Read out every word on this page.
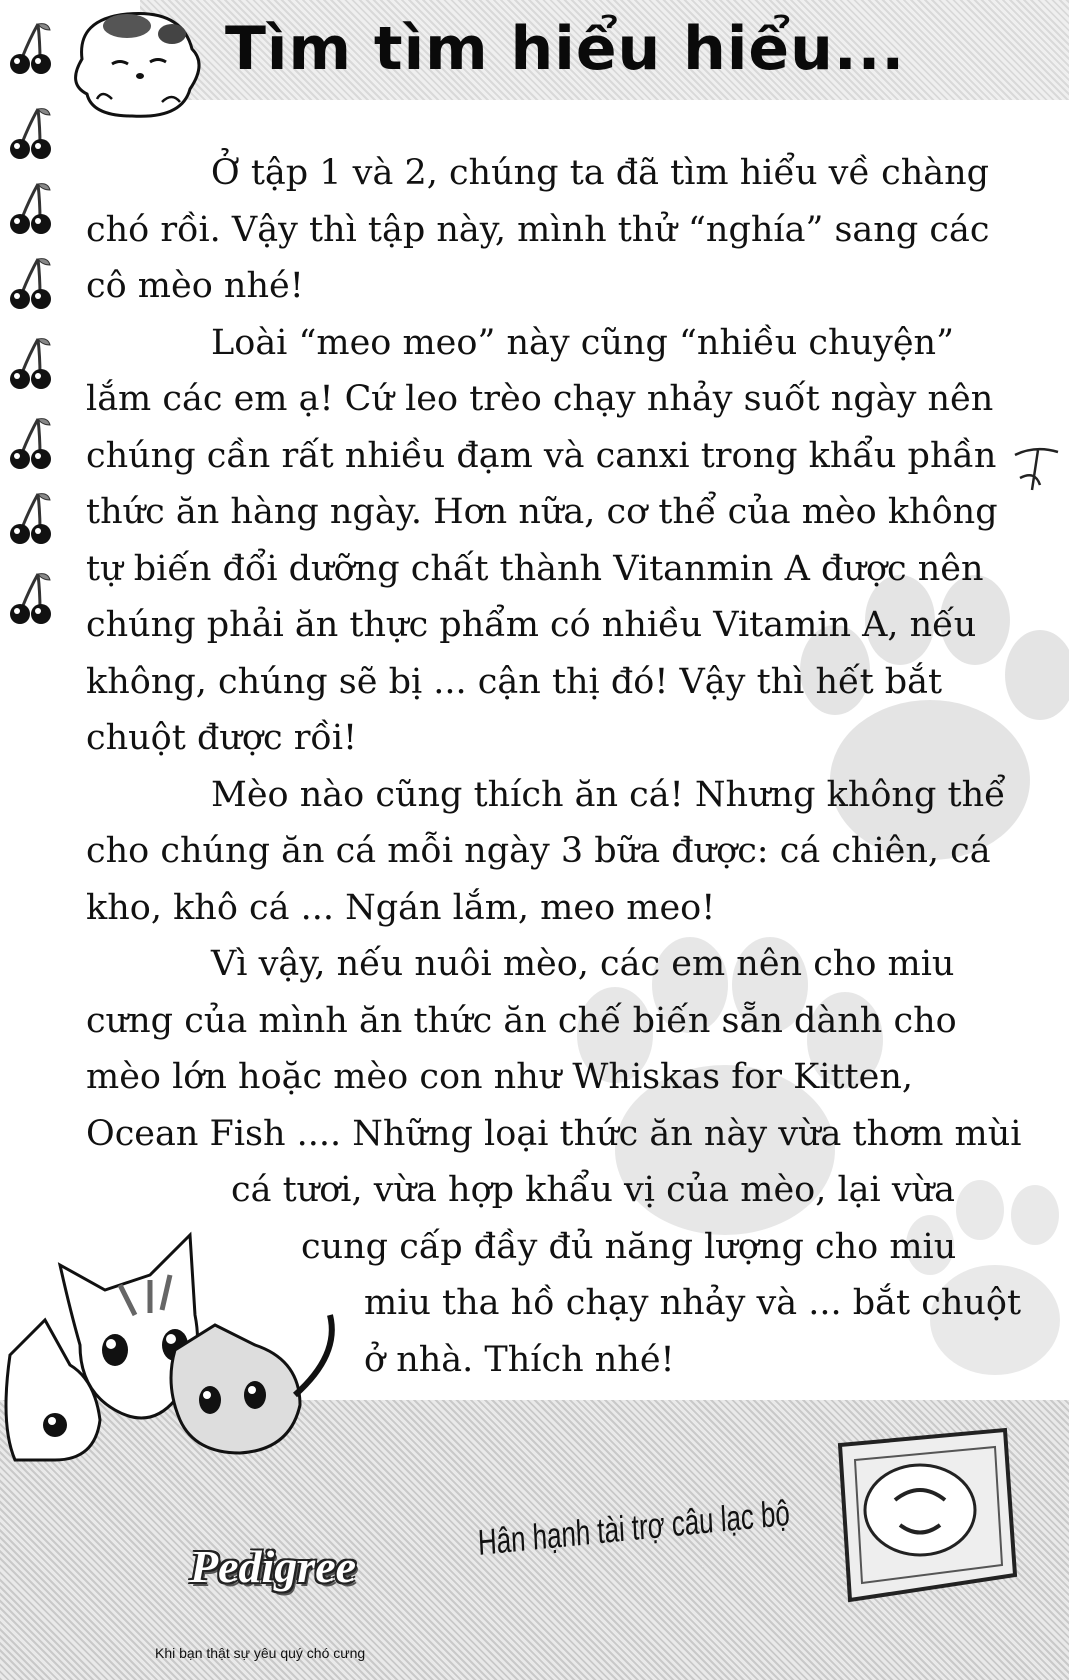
Tìm tìm hiểu hiểu...
Ở tập 1 và 2, chúng ta đã tìm hiểu về chàng
chó rồi. Vậy thì tập này, mình thử “nghía” sang các
cô mèo nhé!
Loài “meo meo” này cũng “nhiều chuyện”
lắm các em ạ! Cứ leo trèo chạy nhảy suốt ngày nên
chúng cần rất nhiều đạm và canxi trong khẩu phần
thức ăn hàng ngày. Hơn nữa, cơ thể của mèo không
tự biến đổi dưỡng chất thành Vitanmin A được nên
chúng phải ăn thực phẩm có nhiều Vitamin A, nếu
không, chúng sẽ bị ... cận thị đó! Vậy thì hết bắt
chuột được rồi!
Mèo nào cũng thích ăn cá! Nhưng không thể
cho chúng ăn cá mỗi ngày 3 bữa được: cá chiên, cá
kho, khô cá ... Ngán lắm, meo meo!
Vì vậy, nếu nuôi mèo, các em nên cho miu
cưng của mình ăn thức ăn chế biến sẵn dành cho
mèo lớn hoặc mèo con như Whiskas for Kitten,
Ocean Fish .... Những loại thức ăn này vừa thơm mùi
cá tươi, vừa hợp khẩu vị của mèo, lại vừa
cung cấp đầy đủ năng lượng cho miu
miu tha hồ chạy nhảy và ... bắt chuột
ở nhà. Thích nhé!
Pedigree
Khi bạn thật sự yêu quý chó cưng
Hân hạnh tài trợ câu lạc bộ
